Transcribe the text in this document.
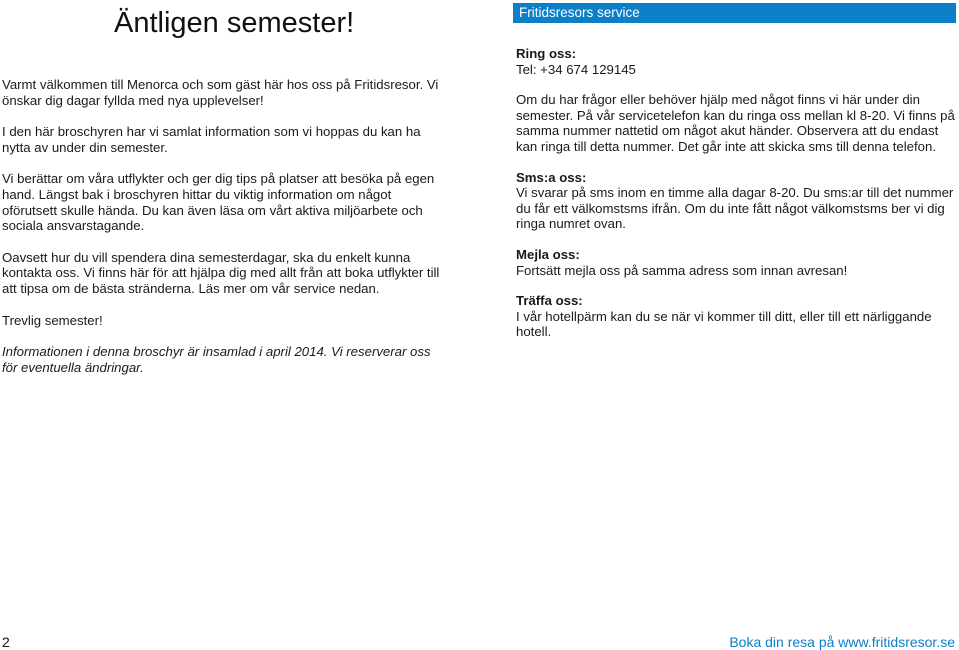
Äntligen semester!

Varmt välkommen till Menorca och som gäst här hos oss på Fritidsresor. Vi önskar dig dagar fyllda med nya upplevelser!

I den här broschyren har vi samlat information som vi hoppas du kan ha nytta av under din semester.

Vi berättar om våra utflykter och ger dig tips på platser att besöka på egen hand. Längst bak i broschyren hittar du viktig information om något oförutsett skulle hända. Du kan även läsa om vårt aktiva miljöarbete och sociala ansvarstagande.

Oavsett hur du vill spendera dina semesterdagar, ska du enkelt kunna kontakta oss. Vi finns här för att hjälpa dig med allt från att boka utflykter till att tipsa om de bästa stränderna. Läs mer om vår service nedan.

Trevlig semester!

Informationen i denna broschyr är insamlad i april 2014. Vi reserverar oss för eventuella ändringar.

Fritidsresors service
Ring oss:
Tel: +34 674 129145

Om du har frågor eller behöver hjälp med något finns vi här under din semester. På vår servicetelefon kan du ringa oss mellan kl 8-20. Vi finns på samma nummer nattetid om något akut händer. Observera att du endast kan ringa till detta nummer. Det går inte att skicka sms till denna telefon.

Sms:a oss:
Vi svarar på sms inom en timme alla dagar 8-20. Du sms:ar till det nummer du får ett välkomstsms ifrån. Om du inte fått något välkomstsms ber vi dig ringa numret ovan.
Mejla oss:
Fortsätt mejla oss på samma adress som innan avresan!
Träffa oss:
I vår hotellpärm kan du se när vi kommer till ditt, eller till ett närliggande hotell.
2	Boka din resa på www.fritidsresor.se
